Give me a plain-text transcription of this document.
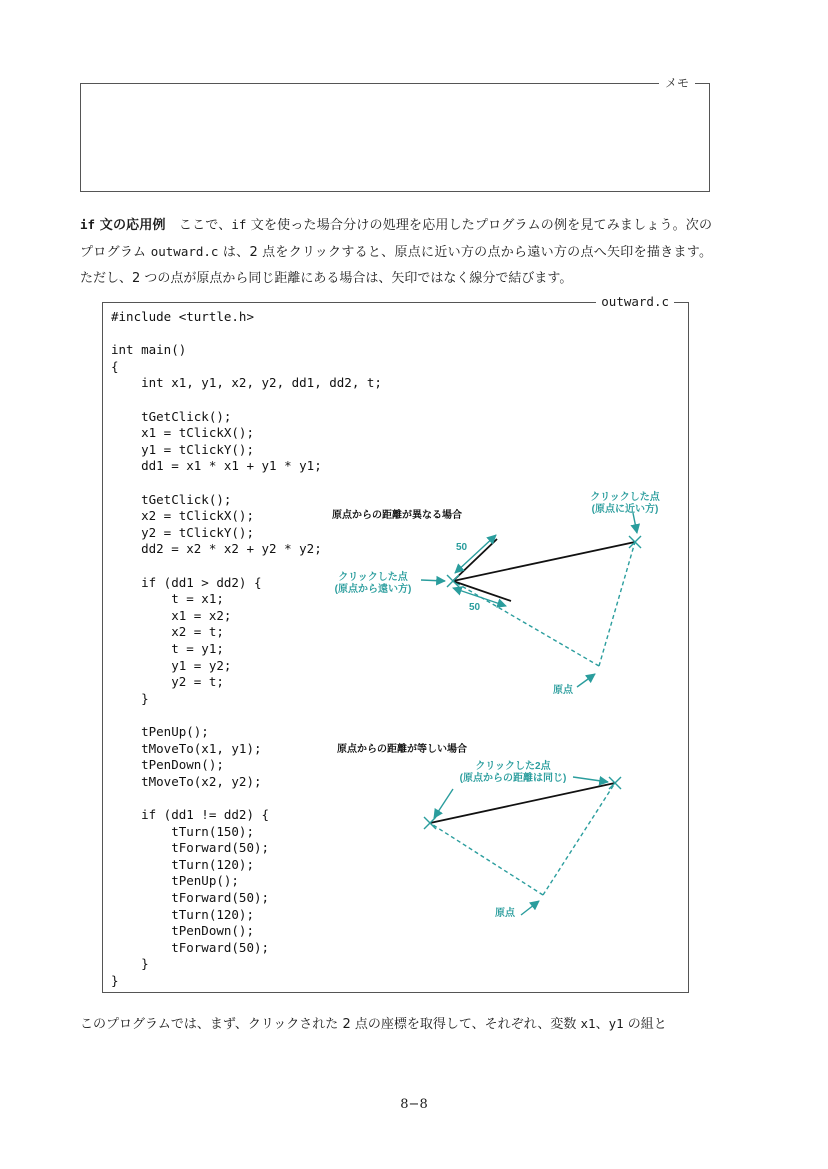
メモ
if 文の応用例　ここで、if 文を使った場合分けの処理を応用したプログラムの例を見てみましょう。次のプログラム outward.c は、2 点をクリックすると、原点に近い方の点から遠い方の点へ矢印を描きます。ただし、2 つの点が原点から同じ距離にある場合は、矢印ではなく線分で結びます。
outward.c
#include <turtle.h>
int main()
{
int x1, y1, x2, y2, dd1, dd2, t;
tGetClick();
x1 = tClickX();
y1 = tClickY();
dd1 = x1 * x1 + y1 * y1;
tGetClick();
x2 = tClickX();
y2 = tClickY();
dd2 = x2 * x2 + y2 * y2;
if (dd1 > dd2) {
t = x1;
x1 = x2;
x2 = t;
t = y1;
y1 = y2;
y2 = t;
}
tPenUp();
tMoveTo(x1, y1);
tPenDown();
tMoveTo(x2, y2);
if (dd1 != dd2) {
tTurn(150);
tForward(50);
tTurn(120);
tPenUp();
tForward(50);
tTurn(120);
tPenDown();
tForward(50);
}
}
原点からの距離が異なる場合
クリックした点
(原点に近い方)
クリックした点
(原点から遠い方)
50
50
原点
原点からの距離が等しい場合
クリックした2点
(原点からの距離は同じ)
原点
このプログラムでは、まず、クリックされた 2 点の座標を取得して、それぞれ、変数 x1、y1 の組と
8−8
